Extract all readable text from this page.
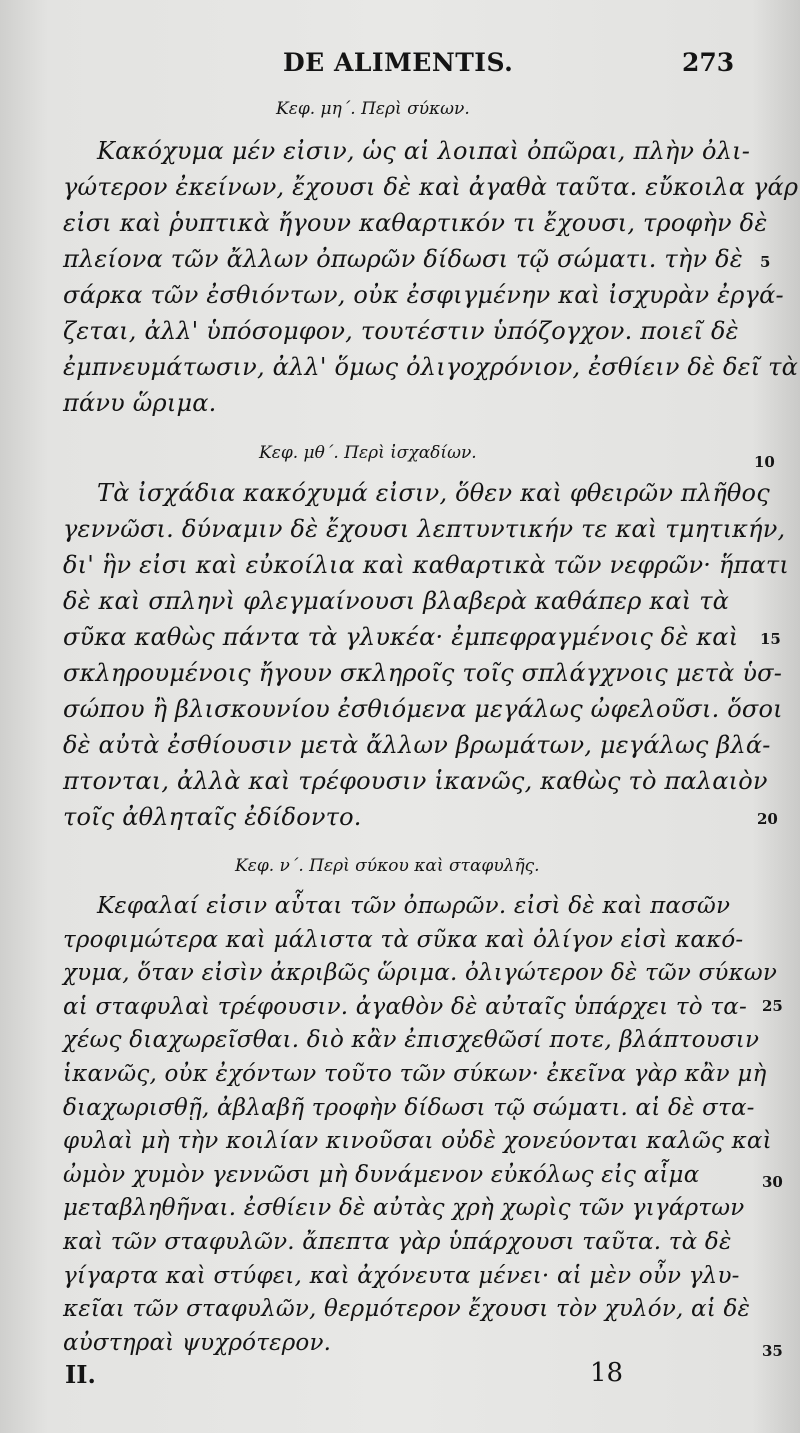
DE ALIMENTIS.	273
Κεφ. μη΄. Περὶ σύκων.
Κακόχυμα μέν εἰσιν, ὡς αἱ λοιπαὶ ὀπῶραι, πλὴν ὀλι-
γώτερον ἐκείνων, ἔχουσι δὲ καὶ ἀγαθὰ ταῦτα. εὔκοιλα γάρ
εἰσι καὶ ῥυπτικὰ ἤγουν καθαρτικόν τι ἔχουσι, τροφὴν δὲ
πλείονα τῶν ἄλλων ὀπωρῶν δίδωσι τῷ σώματι. τὴν δὲ
σάρκα τῶν ἐσθιόντων, οὐκ ἐσφιγμένην καὶ ἰσχυρὰν ἐργά-
ζεται, ἀλλ' ὑπόσομφον, τουτέστιν ὑπόζογχον. ποιεῖ δὲ
ἐμπνευμάτωσιν, ἀλλ' ὅμως ὀλιγοχρόνιον, ἐσθίειν δὲ δεῖ τὰ
πάνυ ὥριμα.
Κεφ. μθ΄. Περὶ ἰσχαδίων.
Τὰ ἰσχάδια κακόχυμά εἰσιν, ὅθεν καὶ φθειρῶν πλῆθος
γεννῶσι. δύναμιν δὲ ἔχουσι λεπτυντικήν τε καὶ τμητικήν,
δι' ἣν εἰσι καὶ εὐκοίλια καὶ καθαρτικὰ τῶν νεφρῶν· ἥπατι
δὲ καὶ σπληνὶ φλεγμαίνουσι βλαβερὰ καθάπερ καὶ τὰ
σῦκα καθὼς πάντα τὰ γλυκέα· ἐμπεφραγμένοις δὲ καὶ
σκληρουμένοις ἤγουν σκληροῖς τοῖς σπλάγχνοις μετὰ ὑσ-
σώπου ἢ βλισκουνίου ἐσθιόμενα μεγάλως ὠφελοῦσι. ὅσοι
δὲ αὐτὰ ἐσθίουσιν μετὰ ἄλλων βρωμάτων, μεγάλως βλά-
πτονται, ἀλλὰ καὶ τρέφουσιν ἱκανῶς, καθὼς τὸ παλαιὸν
τοῖς ἀθληταῖς ἐδίδοντο.
Κεφ. ν΄. Περὶ σύκου καὶ σταφυλῆς.
Κεφαλαί εἰσιν αὗται τῶν ὀπωρῶν. εἰσὶ δὲ καὶ πασῶν
τροφιμώτερα καὶ μάλιστα τὰ σῦκα καὶ ὀλίγον εἰσὶ κακό-
χυμα, ὅταν εἰσὶν ἀκριβῶς ὥριμα. ὀλιγώτερον δὲ τῶν σύκων
αἱ σταφυλαὶ τρέφουσιν. ἀγαθὸν δὲ αὐταῖς ὑπάρχει τὸ τα-
χέως διαχωρεῖσθαι. διὸ κἂν ἐπισχεθῶσί ποτε, βλάπτουσιν
ἱκανῶς, οὐκ ἐχόντων τοῦτο τῶν σύκων· ἐκεῖνα γὰρ κἂν μὴ
διαχωρισθῇ, ἀβλαβῆ τροφὴν δίδωσι τῷ σώματι. αἱ δὲ στα-
φυλαὶ μὴ τὴν κοιλίαν κινοῦσαι οὐδὲ χονεύονται καλῶς καὶ
ὠμὸν χυμὸν γεννῶσι μὴ δυνάμενον εὐκόλως εἰς αἷμα
μεταβληθῆναι. ἐσθίειν δὲ αὐτὰς χρὴ χωρὶς τῶν γιγάρτων
καὶ τῶν σταφυλῶν. ἄπεπτα γὰρ ὑπάρχουσι ταῦτα. τὰ δὲ
γίγαρτα καὶ στύφει, καὶ ἀχόνευτα μένει· αἱ μὲν οὖν γλυ-
κεῖαι τῶν σταφυλῶν, θερμότερον ἔχουσι τὸν χυλόν, αἱ δὲ
αὐστηραὶ ψυχρότερον.
5
10
15
20
25
30
35
II.	18
